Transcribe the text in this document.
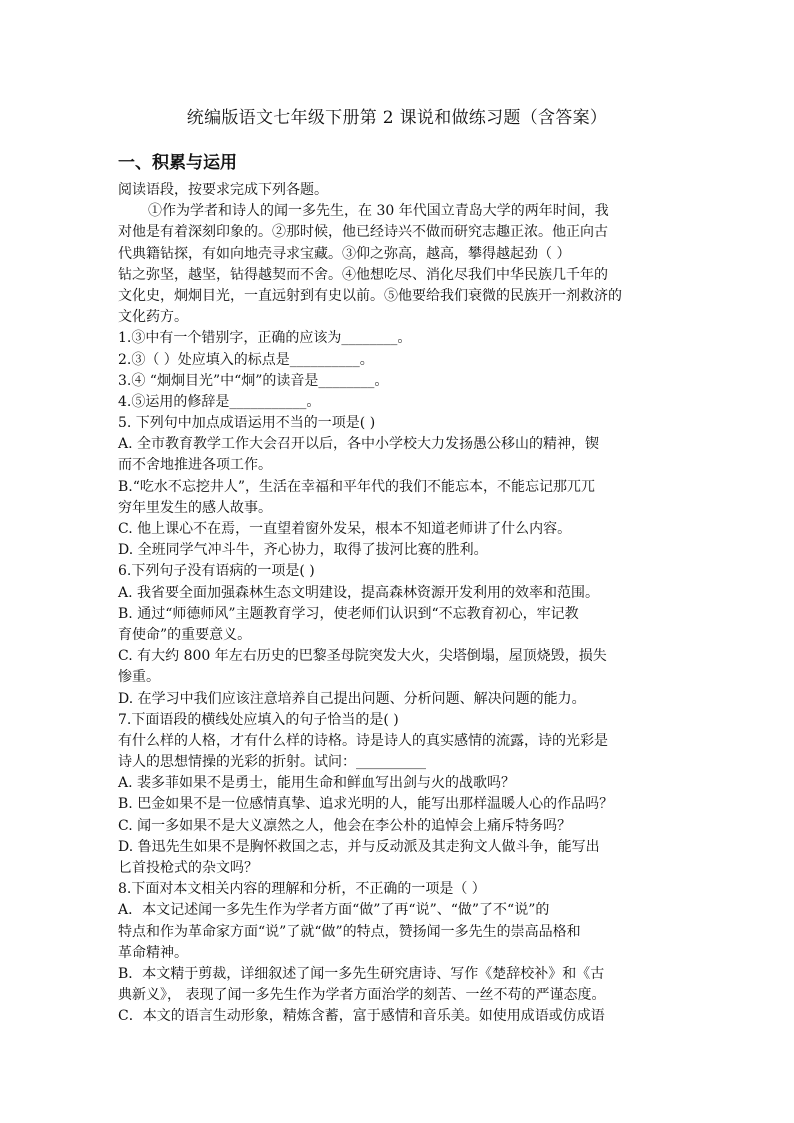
统编版语文七年级下册第 2 课说和做练习题（含答案）
一、积累与运用
阅读语段，按要求完成下列各题。
①作为学者和诗人的闻一多先生，在 30 年代国立青岛大学的两年时间，我
对他是有着深刻印象的。②那时候，他已经诗兴不做而研究志趣正浓。他正向古
代典籍钻探，有如向地壳寻求宝藏。③仰之弥高，越高，攀得越起劲（ ）
钻之弥坚，越坚，钻得越契而不舍。④他想吃尽、消化尽我们中华民族几千年的
文化史，炯炯目光，一直远射到有史以前。⑤他要给我们衰微的民族开一剂救济的
文化药方。
1.③中有一个错别字，正确的应该为________。
2.③（ ）处应填入的标点是__________。
3.④ “炯炯目光”中“炯”的读音是________。
4.⑤运用的修辞是___________。
5. 下列句中加点成语运用不当的一项是( )
A. 全市教育教学工作大会召开以后，各中小学校大力发扬愚公移山的精神，锲
而不舍地推进各项工作。
B.“吃水不忘挖井人”，生活在幸福和平年代的我们不能忘本，不能忘记那兀兀
穷年里发生的感人故事。
C. 他上课心不在焉，一直望着窗外发呆，根本不知道老师讲了什么内容。
D. 全班同学气冲斗牛，齐心协力，取得了拔河比赛的胜利。
6.下列句子没有语病的一项是( )
A. 我省要全面加强森林生态文明建设，提高森林资源开发利用的效率和范围。
B. 通过“师德师风”主题教育学习，使老师们认识到“不忘教育初心，牢记教
育使命”的重要意义。
C. 有大约 800 年左右历史的巴黎圣母院突发大火，尖塔倒塌，屋顶烧毁，损失
惨重。
D. 在学习中我们应该注意培养自己提出问题、分析问题、解决问题的能力。
7.下面语段的横线处应填入的句子恰当的是( )
有什么样的人格，才有什么样的诗格。诗是诗人的真实感情的流露，诗的光彩是
诗人的思想情操的光彩的折射。试问：__________
A. 裴多菲如果不是勇士，能用生命和鲜血写出剑与火的战歌吗？
B. 巴金如果不是一位感情真挚、追求光明的人，能写出那样温暖人心的作品吗？
C. 闻一多如果不是大义凛然之人，他会在李公朴的追悼会上痛斥特务吗？
D. 鲁迅先生如果不是胸怀救国之志，并与反动派及其走狗文人做斗争，能写出
匕首投枪式的杂文吗？
8.下面对本文相关内容的理解和分析，不正确的一项是（ ）
A．本文记述闻一多先生作为学者方面“做”了再“说”、“做”了不“说”的
特点和作为革命家方面“说”了就“做”的特点，赞扬闻一多先生的崇高品格和
革命精神。
B．本文精于剪裁，详细叙述了闻一多先生研究唐诗、写作《楚辞校补》和《古
典新义》， 表现了闻一多先生作为学者方面治学的刻苦、一丝不苟的严谨态度。
C．本文的语言生动形象，精炼含蓄，富于感情和音乐美。如使用成语或仿成语
